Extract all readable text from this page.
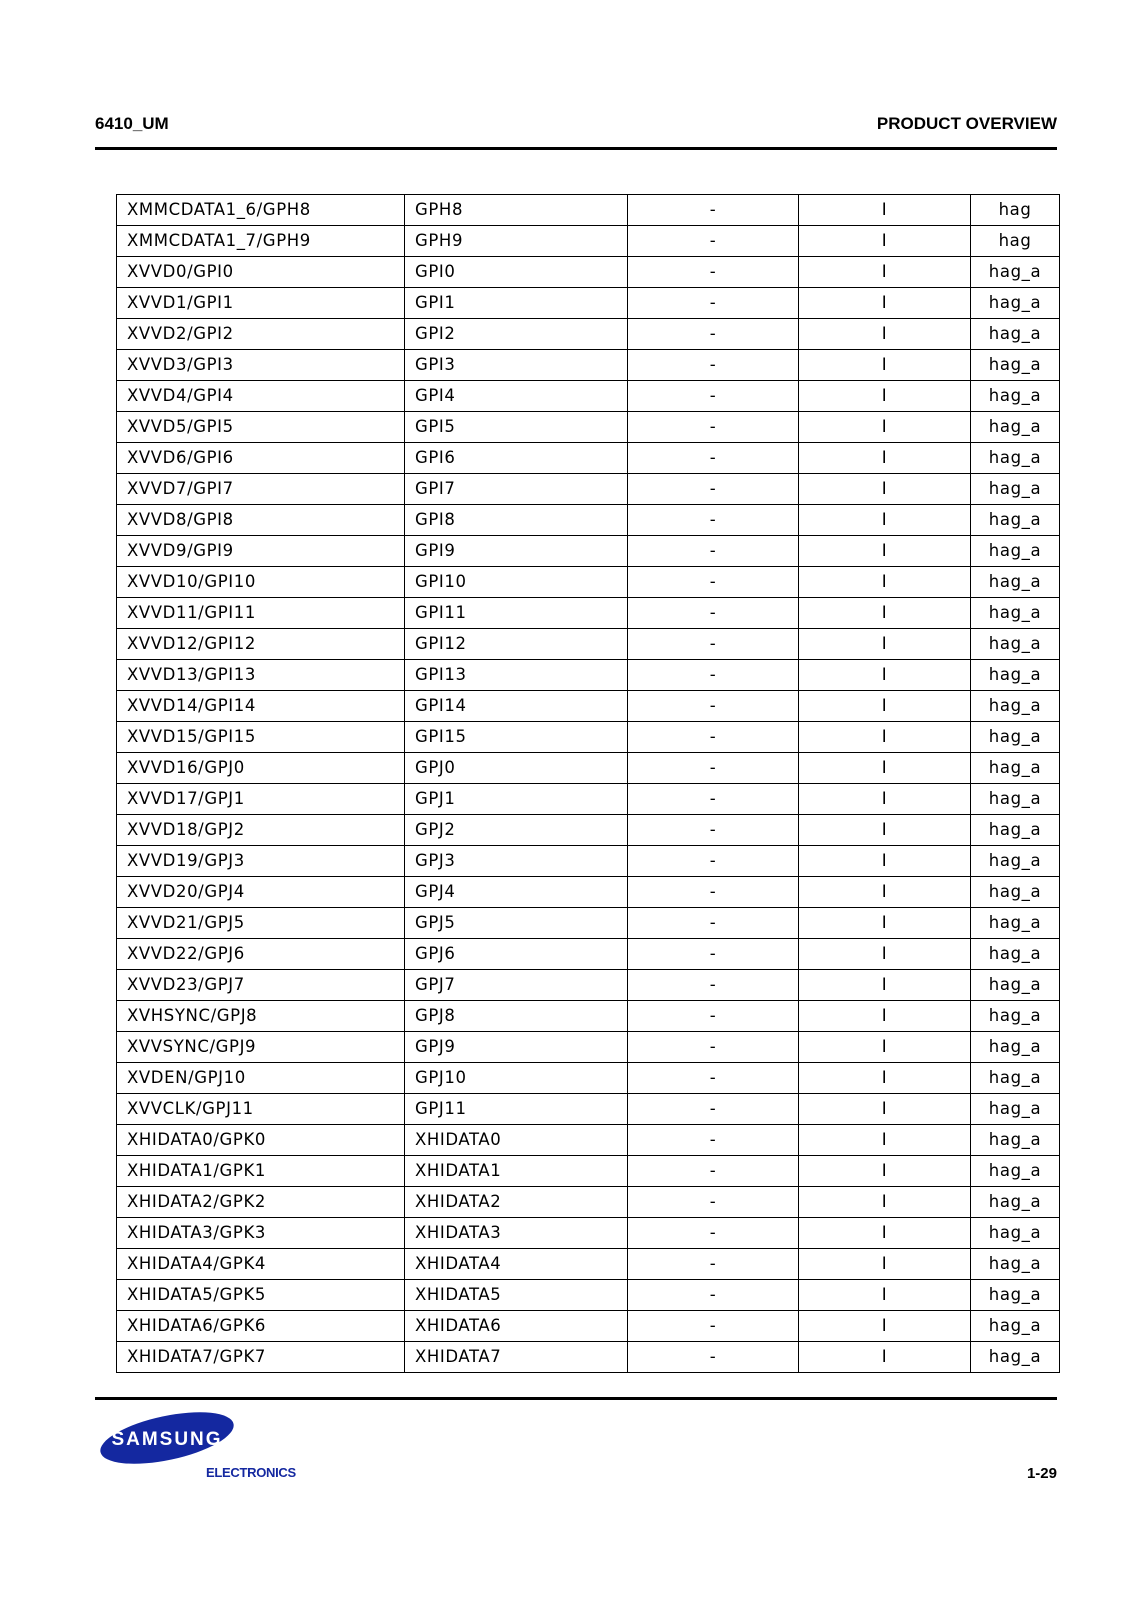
6410_UM	PRODUCT OVERVIEW
XMMCDATA1_6/GPH8	GPH8	-	I	hag
XMMCDATA1_7/GPH9	GPH9	-	I	hag
XVVD0/GPI0	GPI0	-	I	hag_a
XVVD1/GPI1	GPI1	-	I	hag_a
XVVD2/GPI2	GPI2	-	I	hag_a
XVVD3/GPI3	GPI3	-	I	hag_a
XVVD4/GPI4	GPI4	-	I	hag_a
XVVD5/GPI5	GPI5	-	I	hag_a
XVVD6/GPI6	GPI6	-	I	hag_a
XVVD7/GPI7	GPI7	-	I	hag_a
XVVD8/GPI8	GPI8	-	I	hag_a
XVVD9/GPI9	GPI9	-	I	hag_a
XVVD10/GPI10	GPI10	-	I	hag_a
XVVD11/GPI11	GPI11	-	I	hag_a
XVVD12/GPI12	GPI12	-	I	hag_a
XVVD13/GPI13	GPI13	-	I	hag_a
XVVD14/GPI14	GPI14	-	I	hag_a
XVVD15/GPI15	GPI15	-	I	hag_a
XVVD16/GPJ0	GPJ0	-	I	hag_a
XVVD17/GPJ1	GPJ1	-	I	hag_a
XVVD18/GPJ2	GPJ2	-	I	hag_a
XVVD19/GPJ3	GPJ3	-	I	hag_a
XVVD20/GPJ4	GPJ4	-	I	hag_a
XVVD21/GPJ5	GPJ5	-	I	hag_a
XVVD22/GPJ6	GPJ6	-	I	hag_a
XVVD23/GPJ7	GPJ7	-	I	hag_a
XVHSYNC/GPJ8	GPJ8	-	I	hag_a
XVVSYNC/GPJ9	GPJ9	-	I	hag_a
XVDEN/GPJ10	GPJ10	-	I	hag_a
XVVCLK/GPJ11	GPJ11	-	I	hag_a
XHIDATA0/GPK0	XHIDATA0	-	I	hag_a
XHIDATA1/GPK1	XHIDATA1	-	I	hag_a
XHIDATA2/GPK2	XHIDATA2	-	I	hag_a
XHIDATA3/GPK3	XHIDATA3	-	I	hag_a
XHIDATA4/GPK4	XHIDATA4	-	I	hag_a
XHIDATA5/GPK5	XHIDATA5	-	I	hag_a
XHIDATA6/GPK6	XHIDATA6	-	I	hag_a
XHIDATA7/GPK7	XHIDATA7	-	I	hag_a
SAMSUNG
ELECTRONICS	1-29
